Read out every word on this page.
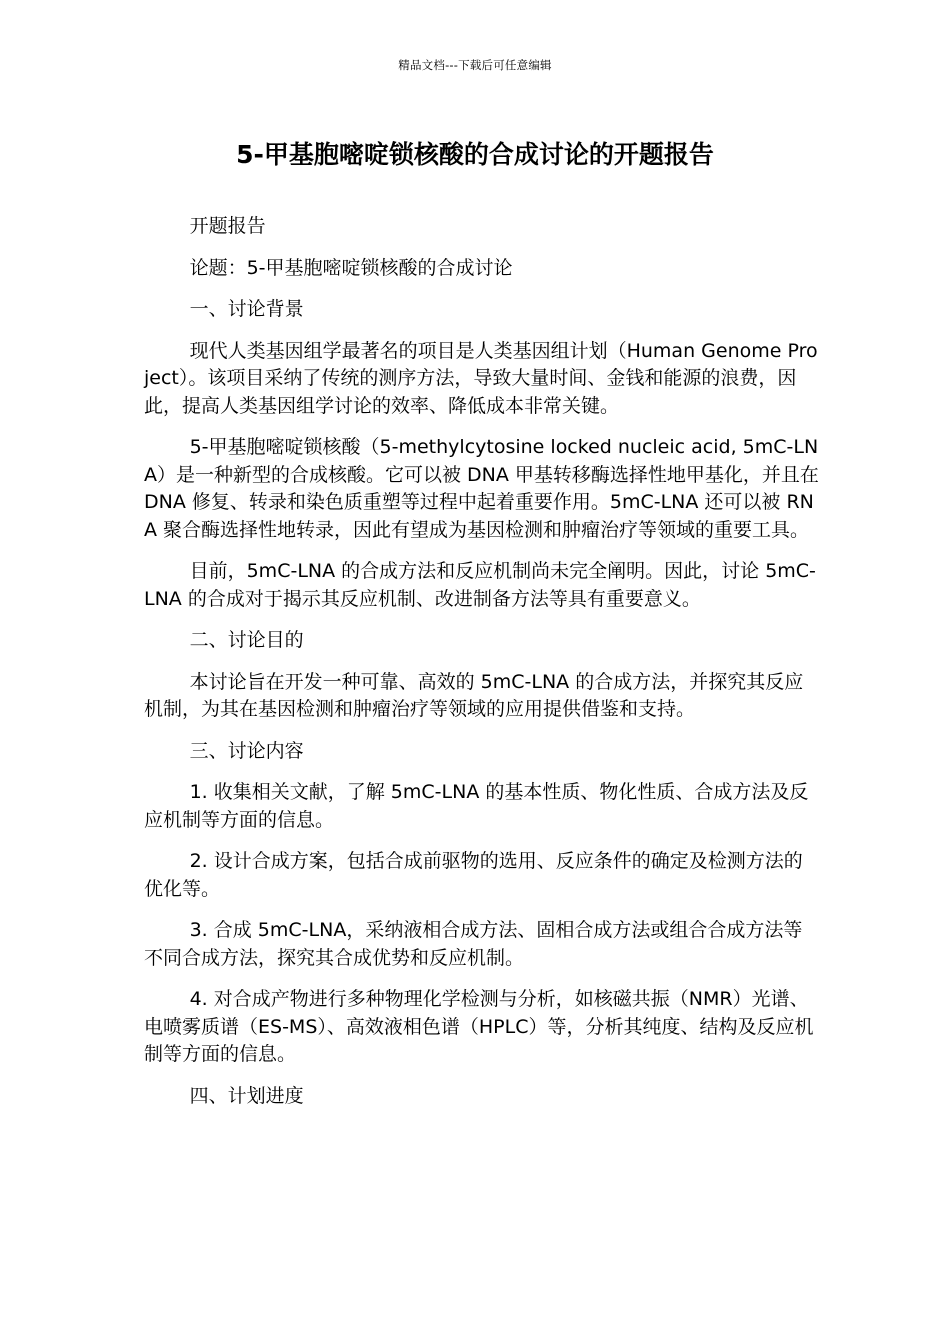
精品文档---下载后可任意编辑
5-甲基胞嘧啶锁核酸的合成讨论的开题报告

开题报告

论题：5-甲基胞嘧啶锁核酸的合成讨论

一、讨论背景

现代人类基因组学最著名的项目是人类基因组计划（Human Genome Project）。该项目采纳了传统的测序方法，导致大量时间、金钱和能源的浪费，因此，提高人类基因组学讨论的效率、降低成本非常关键。

5-甲基胞嘧啶锁核酸（5-methylcytosine locked nucleic acid, 5mC-LNA）是一种新型的合成核酸。它可以被 DNA 甲基转移酶选择性地甲基化，并且在 DNA 修复、转录和染色质重塑等过程中起着重要作用。5mC-LNA 还可以被 RNA 聚合酶选择性地转录，因此有望成为基因检测和肿瘤治疗等领域的重要工具。

目前，5mC-LNA 的合成方法和反应机制尚未完全阐明。因此，讨论 5mC-LNA 的合成对于揭示其反应机制、改进制备方法等具有重要意义。

二、讨论目的

本讨论旨在开发一种可靠、高效的 5mC-LNA 的合成方法，并探究其反应机制，为其在基因检测和肿瘤治疗等领域的应用提供借鉴和支持。

三、讨论内容

1. 收集相关文献，了解 5mC-LNA 的基本性质、物化性质、合成方法及反应机制等方面的信息。

2. 设计合成方案，包括合成前驱物的选用、反应条件的确定及检测方法的优化等。

3. 合成 5mC-LNA，采纳液相合成方法、固相合成方法或组合合成方法等不同合成方法，探究其合成优势和反应机制。

4. 对合成产物进行多种物理化学检测与分析，如核磁共振（NMR）光谱、电喷雾质谱（ES-MS）、高效液相色谱（HPLC）等，分析其纯度、结构及反应机制等方面的信息。

四、计划进度
